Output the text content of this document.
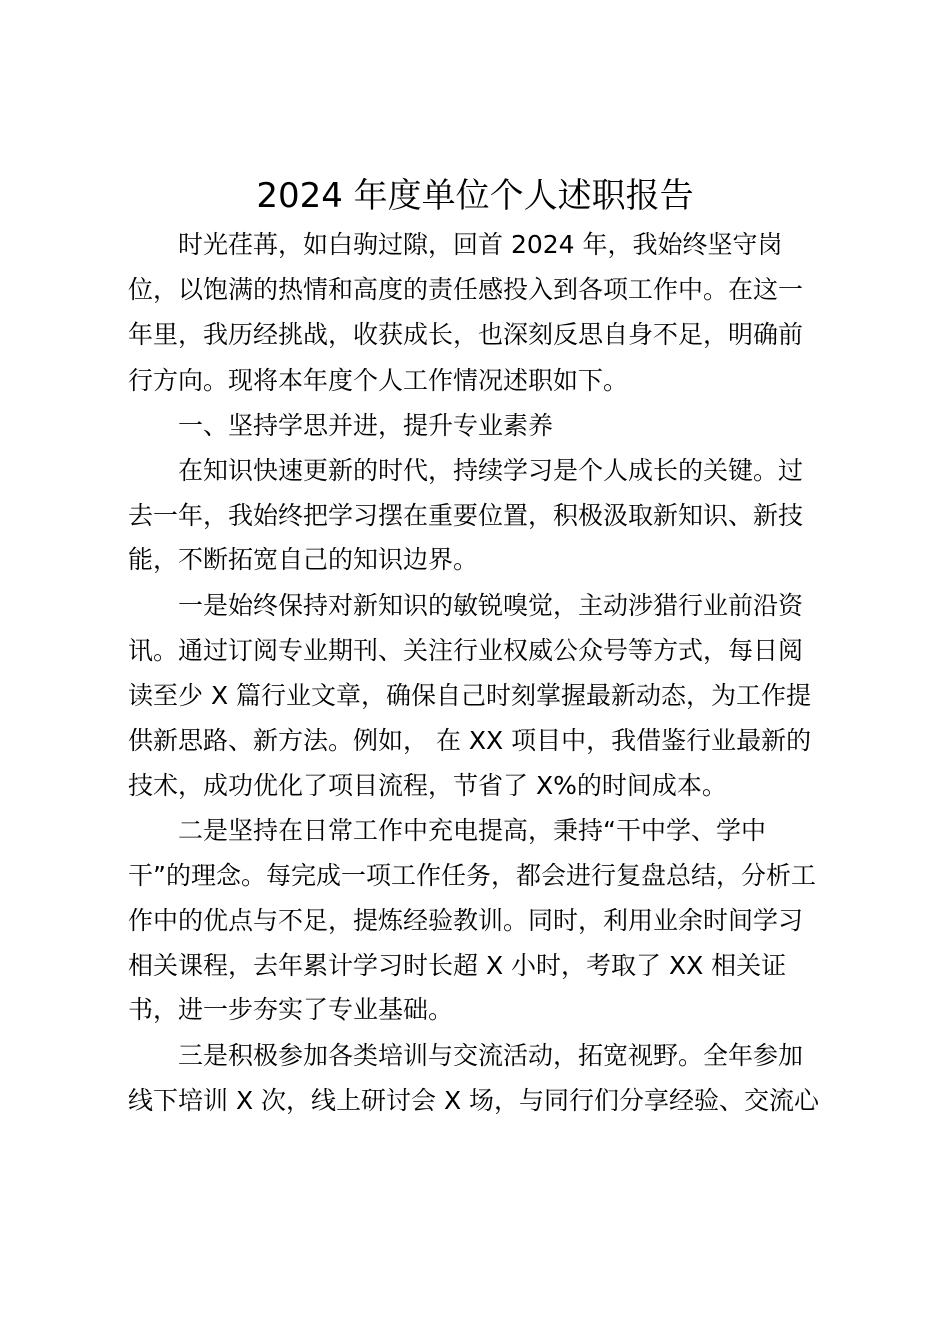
2024 年度单位个人述职报告
时光荏苒，如白驹过隙，回首 2024 年，我始终坚守岗
位，以饱满的热情和高度的责任感投入到各项工作中。在这一
年里，我历经挑战，收获成长，也深刻反思自身不足，明确前
行方向。现将本年度个人工作情况述职如下。
一、坚持学思并进，提升专业素养
在知识快速更新的时代，持续学习是个人成长的关键。过
去一年，我始终把学习摆在重要位置，积极汲取新知识、新技
能，不断拓宽自己的知识边界。
一是始终保持对新知识的敏锐嗅觉，主动涉猎行业前沿资
讯。通过订阅专业期刊、关注行业权威公众号等方式，每日阅
读至少 X 篇行业文章，确保自己时刻掌握最新动态，为工作提
供新思路、新方法。例如， 在 XX 项目中，我借鉴行业最新的
技术，成功优化了项目流程，节省了 X%的时间成本。
二是坚持在日常工作中充电提高，秉持“干中学、学中
干”的理念。每完成一项工作任务，都会进行复盘总结，分析工
作中的优点与不足，提炼经验教训。同时，利用业余时间学习
相关课程，去年累计学习时长超 X 小时，考取了 XX 相关证
书，进一步夯实了专业基础。
三是积极参加各类培训与交流活动，拓宽视野。全年参加
线下培训 X 次，线上研讨会 X 场，与同行们分享经验、交流心
